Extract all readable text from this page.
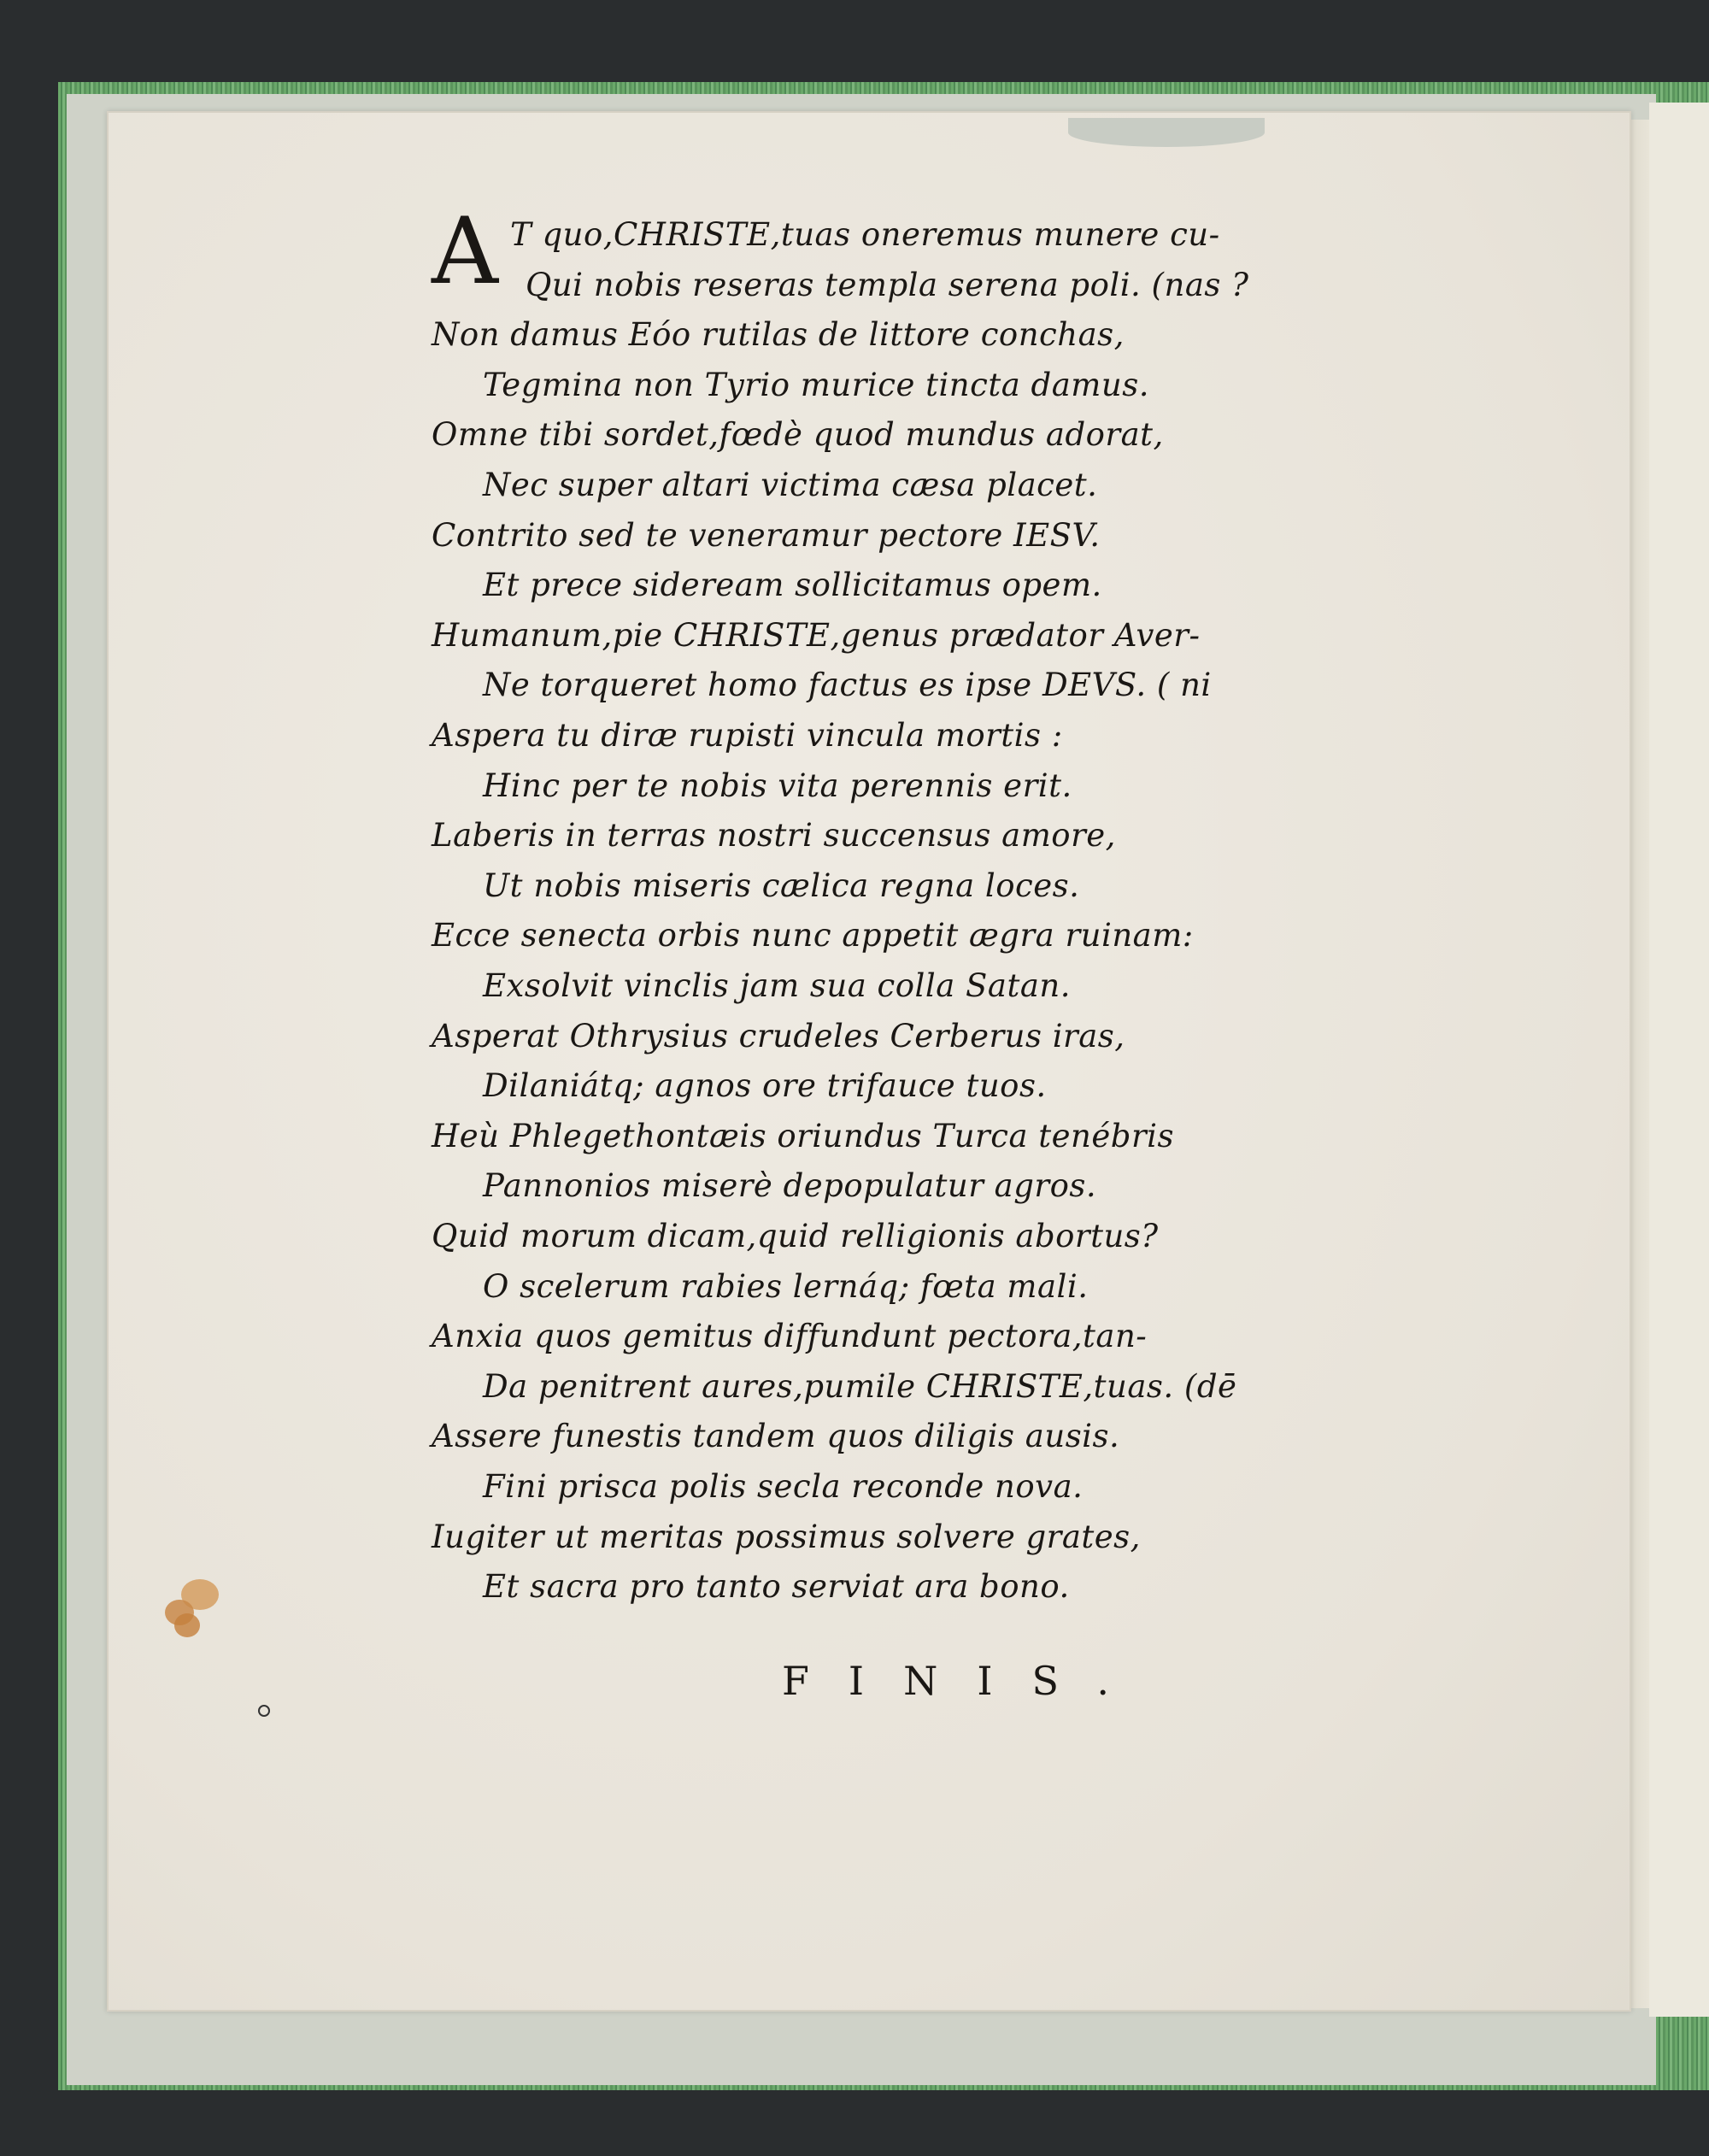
A T quo,CHRISTE,tuas oneremus munere cu-
Qui nobis reseras templa serena poli. (nas ?
Non damus Eóo rutilas de littore conchas,
Tegmina non Tyrio murice tincta damus.
Omne tibi sordet,fœdè quod mundus adorat,
Nec super altari victima cæsa placet.
Contrito sed te veneramur pectore IESV.
Et prece sideream sollicitamus opem.
Humanum,pie CHRISTE,genus prædator Aver-
Ne torqueret homo factus es ipse DEVS. ( ni
Aspera tu diræ rupisti vincula mortis :
Hinc per te nobis vita perennis erit.
Laberis in terras nostri succensus amore,
Ut nobis miseris cælica regna loces.
Ecce senecta orbis nunc appetit ægra ruinam:
Exsolvit vinclis jam sua colla Satan.
Asperat Othrysius crudeles Cerberus iras,
Dilaniátq; agnos ore trifauce tuos.
Heù Phlegethontæis oriundus Turca tenébris
Pannonios miserè depopulatur agros.
Quid morum dicam,quid relligionis abortus?
O scelerum rabies lernáq; fœta mali.
Anxia quos gemitus diffundunt pectora,tan-
Da penitrent aures,pumile CHRISTE,tuas. (dē
Assere funestis tandem quos diligis ausis.
Fini prisca polis secla reconde nova.
Iugiter ut meritas possimus solvere grates,
Et sacra pro tanto serviat ara bono.
FINIS.
